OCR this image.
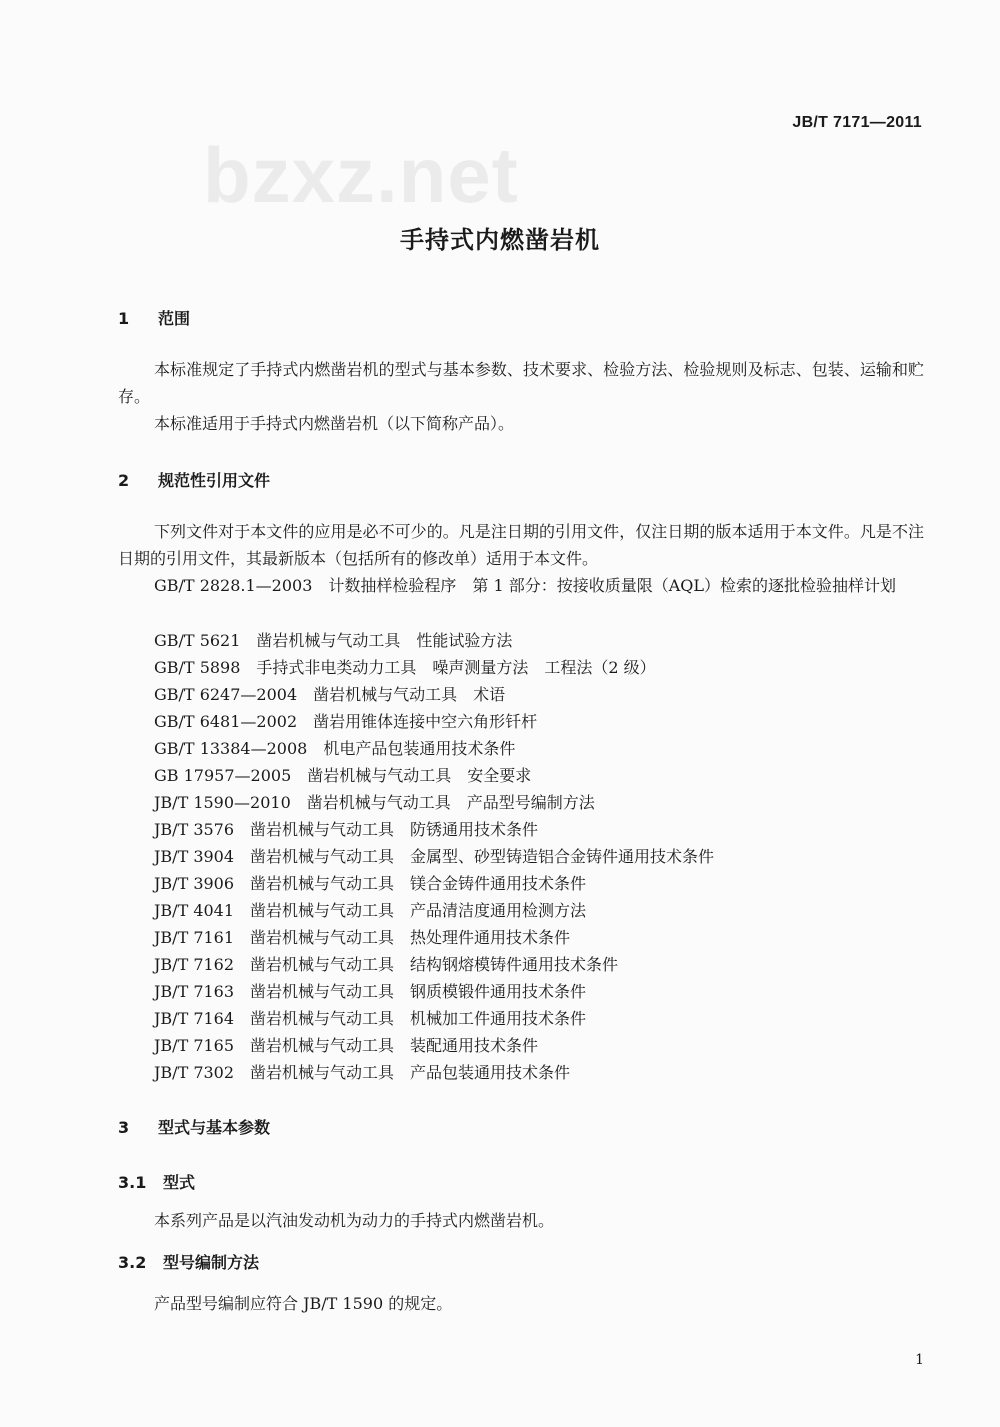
bzxz.net
JB/T 7171—2011
手持式内燃凿岩机
1 范围
本标准规定了手持式内燃凿岩机的型式与基本参数、技术要求、检验方法、检验规则及标志、包装、运输和贮存。
本标准适用于手持式内燃凿岩机（以下简称产品）。
2 规范性引用文件
下列文件对于本文件的应用是必不可少的。凡是注日期的引用文件，仅注日期的版本适用于本文件。凡是不注日期的引用文件，其最新版本（包括所有的修改单）适用于本文件。
GB/T 2828.1—2003　计数抽样检验程序　第 1 部分：按接收质量限（AQL）检索的逐批检验抽样计划
GB/T 5621 凿岩机械与气动工具　性能试验方法
GB/T 5898 手持式非电类动力工具　噪声测量方法　工程法（2 级）
GB/T 6247—2004 凿岩机械与气动工具　术语
GB/T 6481—2002 凿岩用锥体连接中空六角形钎杆
GB/T 13384—2008 机电产品包装通用技术条件
GB 17957—2005 凿岩机械与气动工具　安全要求
JB/T 1590—2010 凿岩机械与气动工具　产品型号编制方法
JB/T 3576 凿岩机械与气动工具　防锈通用技术条件
JB/T 3904 凿岩机械与气动工具　金属型、砂型铸造铝合金铸件通用技术条件
JB/T 3906 凿岩机械与气动工具　镁合金铸件通用技术条件
JB/T 4041 凿岩机械与气动工具　产品清洁度通用检测方法
JB/T 7161 凿岩机械与气动工具　热处理件通用技术条件
JB/T 7162 凿岩机械与气动工具　结构钢熔模铸件通用技术条件
JB/T 7163 凿岩机械与气动工具　钢质模锻件通用技术条件
JB/T 7164 凿岩机械与气动工具　机械加工件通用技术条件
JB/T 7165 凿岩机械与气动工具　装配通用技术条件
JB/T 7302 凿岩机械与气动工具　产品包装通用技术条件
3 型式与基本参数
3.1 型式
本系列产品是以汽油发动机为动力的手持式内燃凿岩机。
3.2 型号编制方法
产品型号编制应符合 JB/T 1590 的规定。
1
